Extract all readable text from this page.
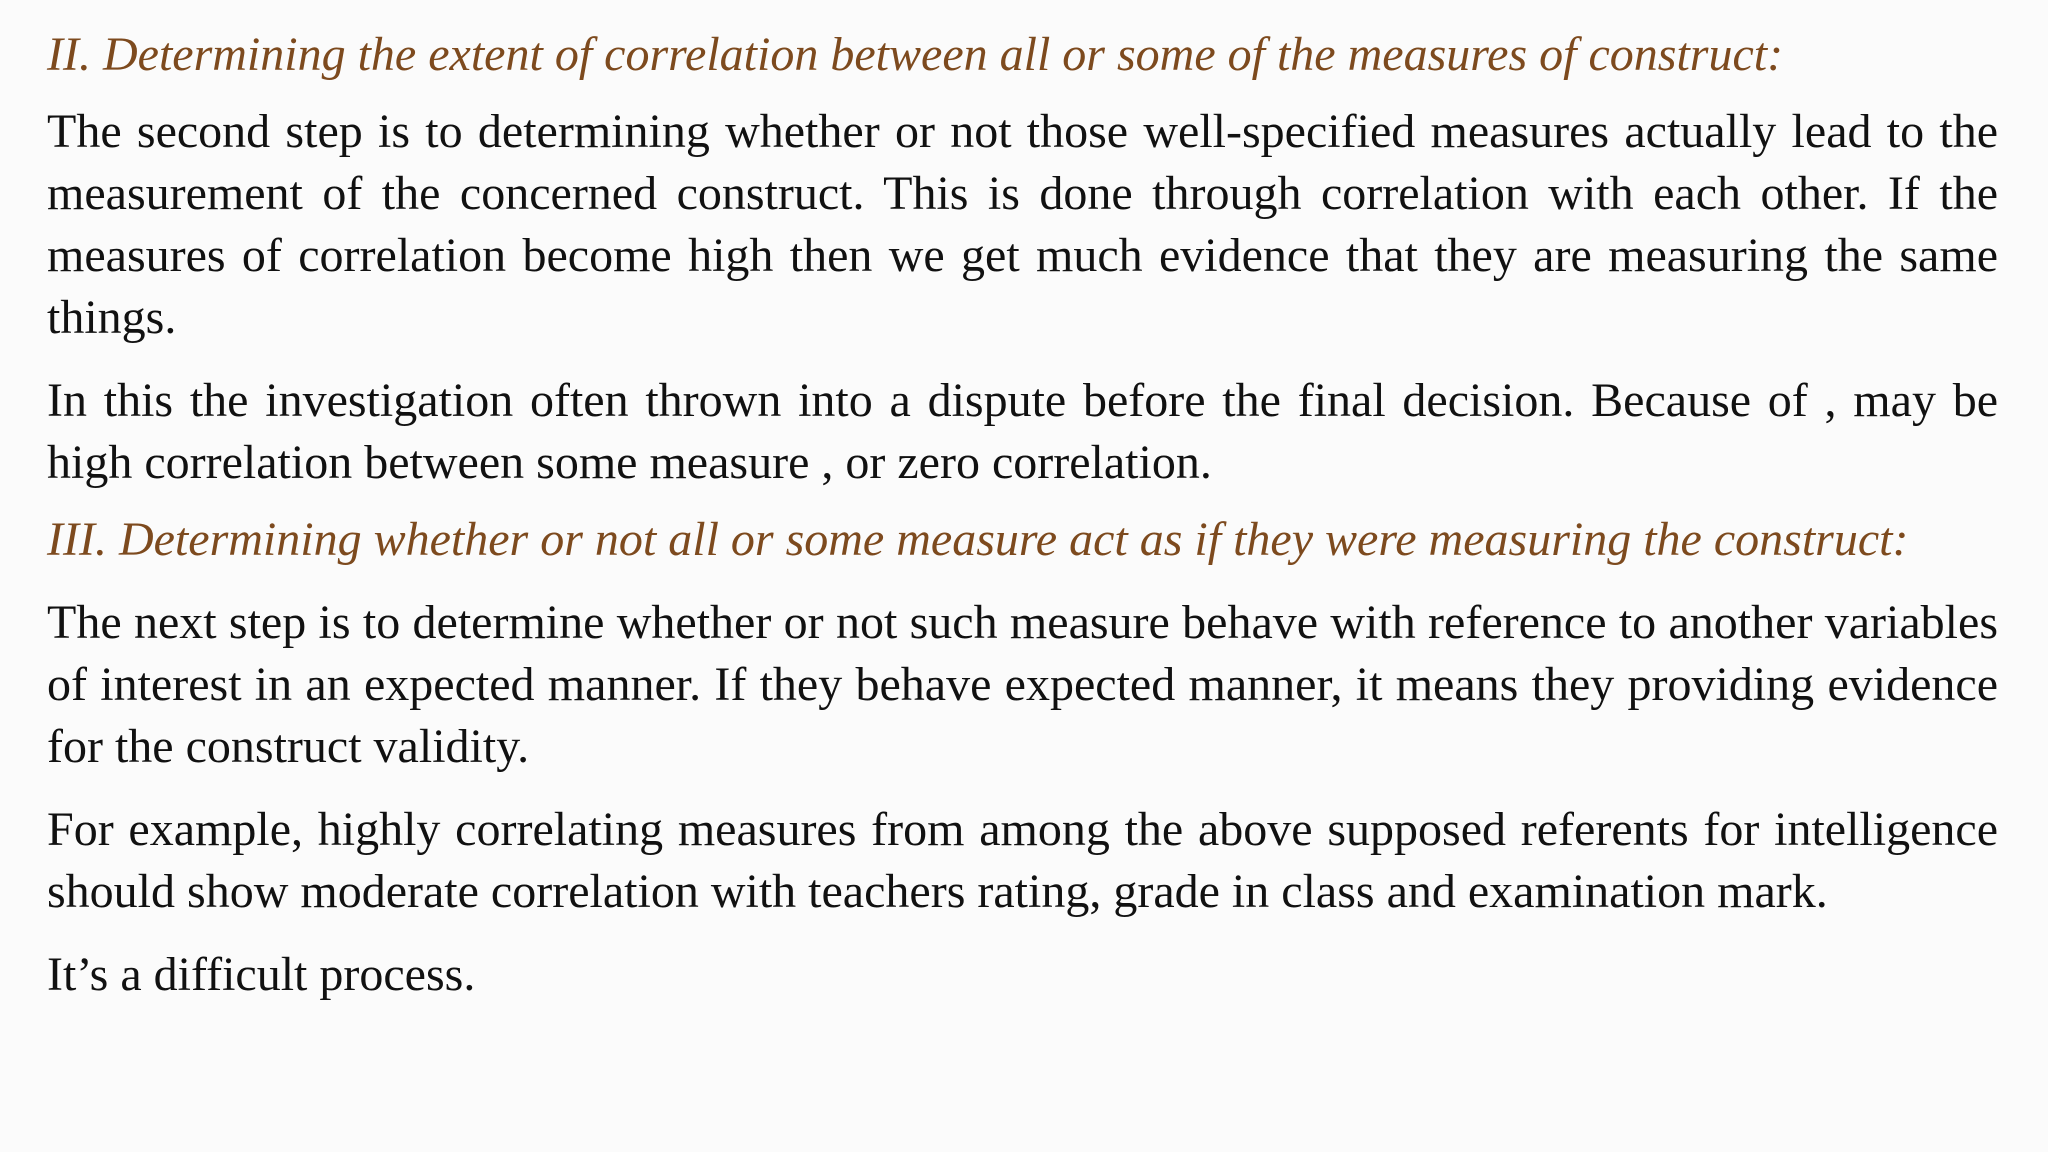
II. Determining the extent of correlation between all or some of the measures of construct:

The second step is to determining whether or not those well-specified measures actually lead to the measurement of the concerned construct. This is done through correlation with each other. If the measures of correlation become high then we get much evidence that they are measuring the same things.

In this the investigation often thrown into a dispute before the final decision. Because of , may be high correlation between some measure , or zero correlation.

III. Determining whether or not all or some measure act as if they were measuring the construct:

The next step is to determine whether or not such measure behave with reference to another variables of interest in an expected manner. If they behave expected manner, it means they providing evidence for the construct validity.

For example, highly correlating measures from among the above supposed referents for intelligence should show moderate correlation with teachers rating, grade in class and examination mark.

It’s a difficult process.
